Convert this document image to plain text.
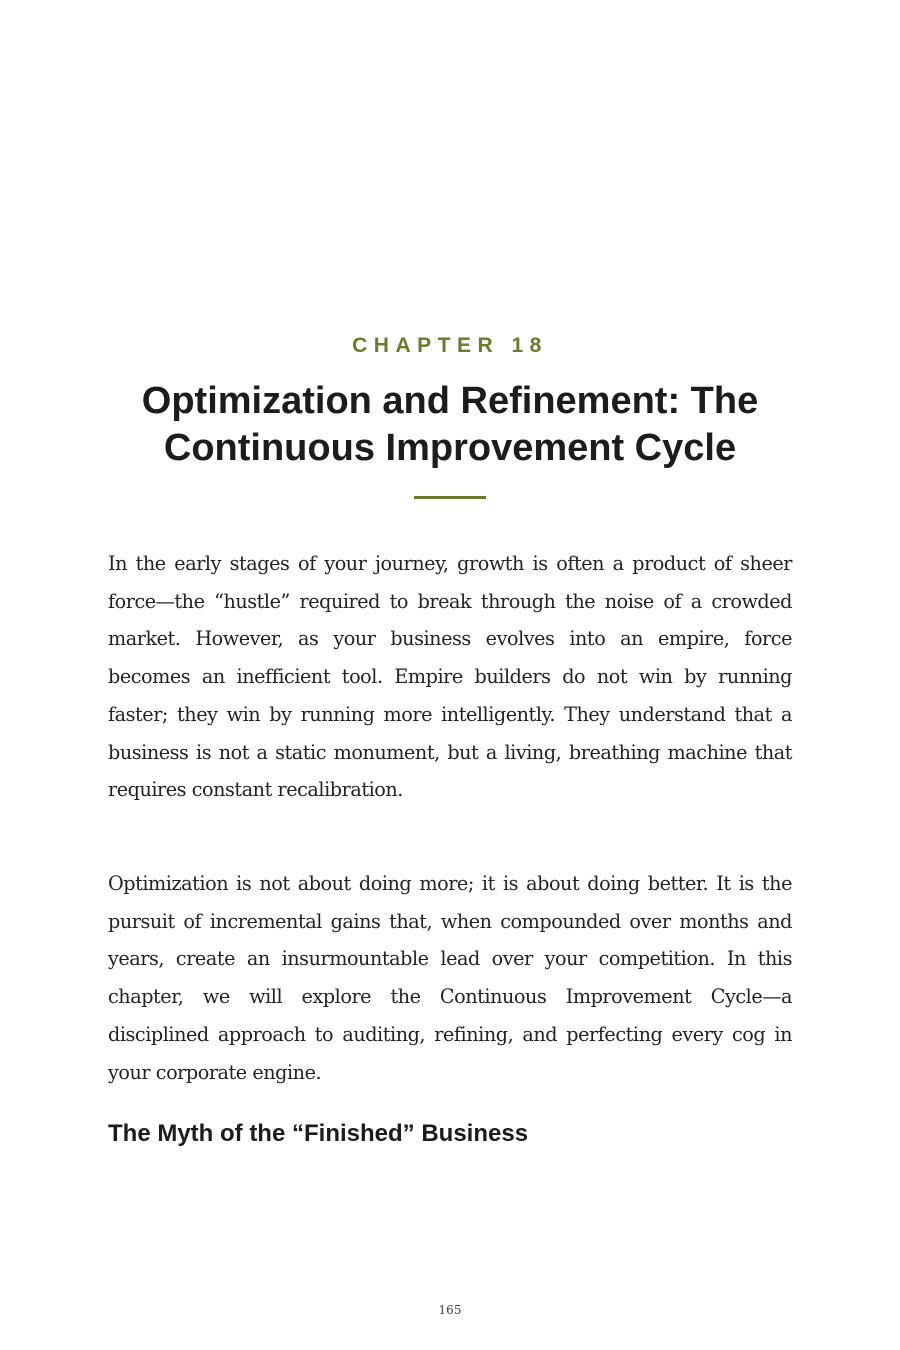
CHAPTER 18
Optimization and Refinement: The Continuous Improvement Cycle

In the early stages of your journey, growth is often a product of sheer force—the “hustle” required to break through the noise of a crowded market. However, as your business evolves into an empire, force becomes an inefficient tool. Empire builders do not win by running faster; they win by running more intelligently. They understand that a business is not a static monument, but a living, breathing machine that requires constant recalibration.

Optimization is not about doing more; it is about doing better. It is the pursuit of incremental gains that, when compounded over months and years, create an insurmountable lead over your competition. In this chapter, we will explore the Continuous Improvement Cycle—a disciplined approach to auditing, refining, and perfecting every cog in your corporate engine.

The Myth of the “Finished” Business
165
